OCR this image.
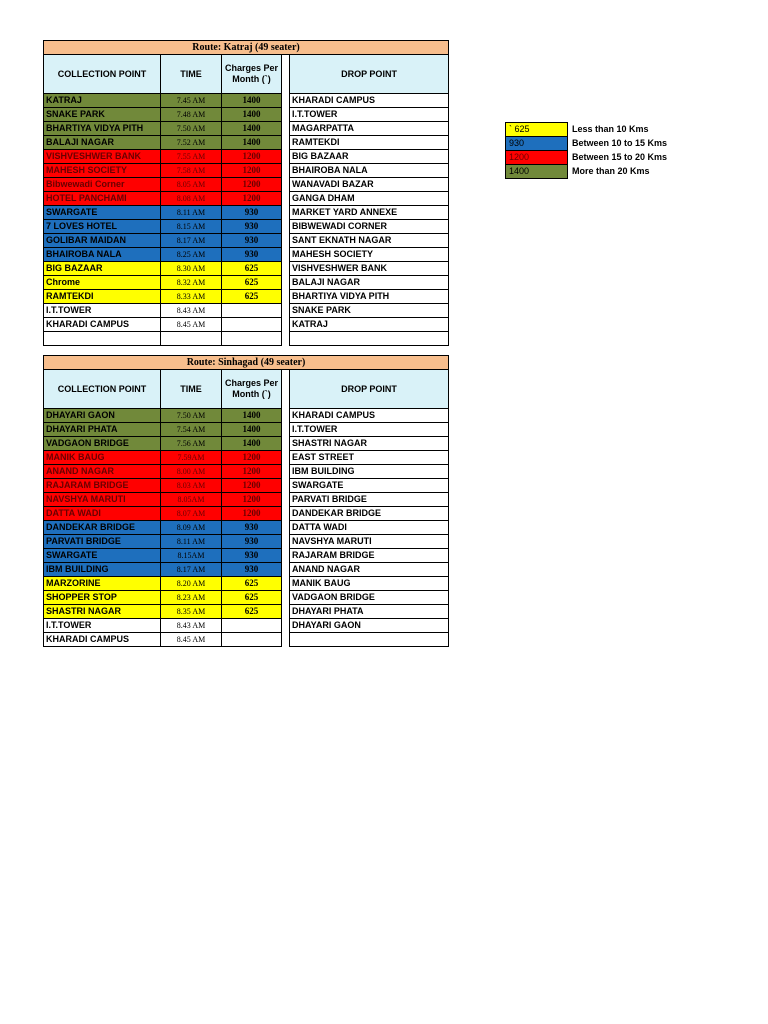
Route: Katraj (49 seater)				
COLLECTION POINT	TIME	Charges Per Month (`)		DROP POINT
KATRAJ	7.45 AM	1400		KHARADI CAMPUS
SNAKE PARK	7.48 AM	1400		I.T.TOWER
BHARTIYA VIDYA PITH	7.50 AM	1400		MAGARPATTA
BALAJI NAGAR	7.52 AM	1400		RAMTEKDI
VISHVESHWER BANK	7.55 AM	1200		BIG BAZAAR
MAHESH SOCIETY	7.58 AM	1200		BHAIROBA NALA
Bibwewadi Corner	8.05 AM	1200		WANAVADI BAZAR
HOTEL PANCHAMI	8.08 AM	1200		GANGA DHAM
SWARGATE	8.11 AM	930		MARKET YARD ANNEXE
7 LOVES HOTEL	8.15 AM	930		BIBWEWADI CORNER
GOLIBAR MAIDAN	8.17 AM	930		SANT EKNATH NAGAR
BHAIROBA NALA	8.25 AM	930		MAHESH SOCIETY
BIG BAZAAR	8.30 AM	625		VISHVESHWER BANK
Chrome	8.32 AM	625		BALAJI NAGAR
RAMTEKDI	8.33 AM	625		BHARTIYA VIDYA PITH
I.T.TOWER	8.43 AM			SNAKE PARK
KHARADI CAMPUS	8.45 AM			KATRAJ

Route: Sinhagad (49 seater)				
COLLECTION POINT	TIME	Charges Per Month (`)		DROP POINT
DHAYARI GAON	7.50 AM	1400		KHARADI CAMPUS
DHAYARI PHATA	7.54 AM	1400		I.T.TOWER
VADGAON BRIDGE	7.56 AM	1400		SHASTRI NAGAR
MANIK BAUG	7.59AM	1200		EAST STREET
ANAND NAGAR	8.00 AM	1200		IBM BUILDING
RAJARAM BRIDGE	8.03 AM	1200		SWARGATE
NAVSHYA MARUTI	8.05AM	1200		PARVATI BRIDGE
DATTA WADI	8.07 AM	1200		DANDEKAR BRIDGE
DANDEKAR BRIDGE	8.09 AM	930		DATTA WADI
PARVATI BRIDGE	8.11 AM	930		NAVSHYA MARUTI
SWARGATE	8.15AM	930		RAJARAM BRIDGE
IBM BUILDING	8.17 AM	930		ANAND NAGAR
MARZORINE	8.20 AM	625		MANIK BAUG
SHOPPER STOP	8.23 AM	625		VADGAON BRIDGE
SHASTRI NAGAR	8.35 AM	625		DHAYARI PHATA
I.T.TOWER	8.43 AM			DHAYARI GAON
KHARADI CAMPUS	8.45 AM			
` 625	Less than 10 Kms
930	Between 10 to 15 Kms
1200	Between 15 to 20 Kms
1400	More than 20 Kms
